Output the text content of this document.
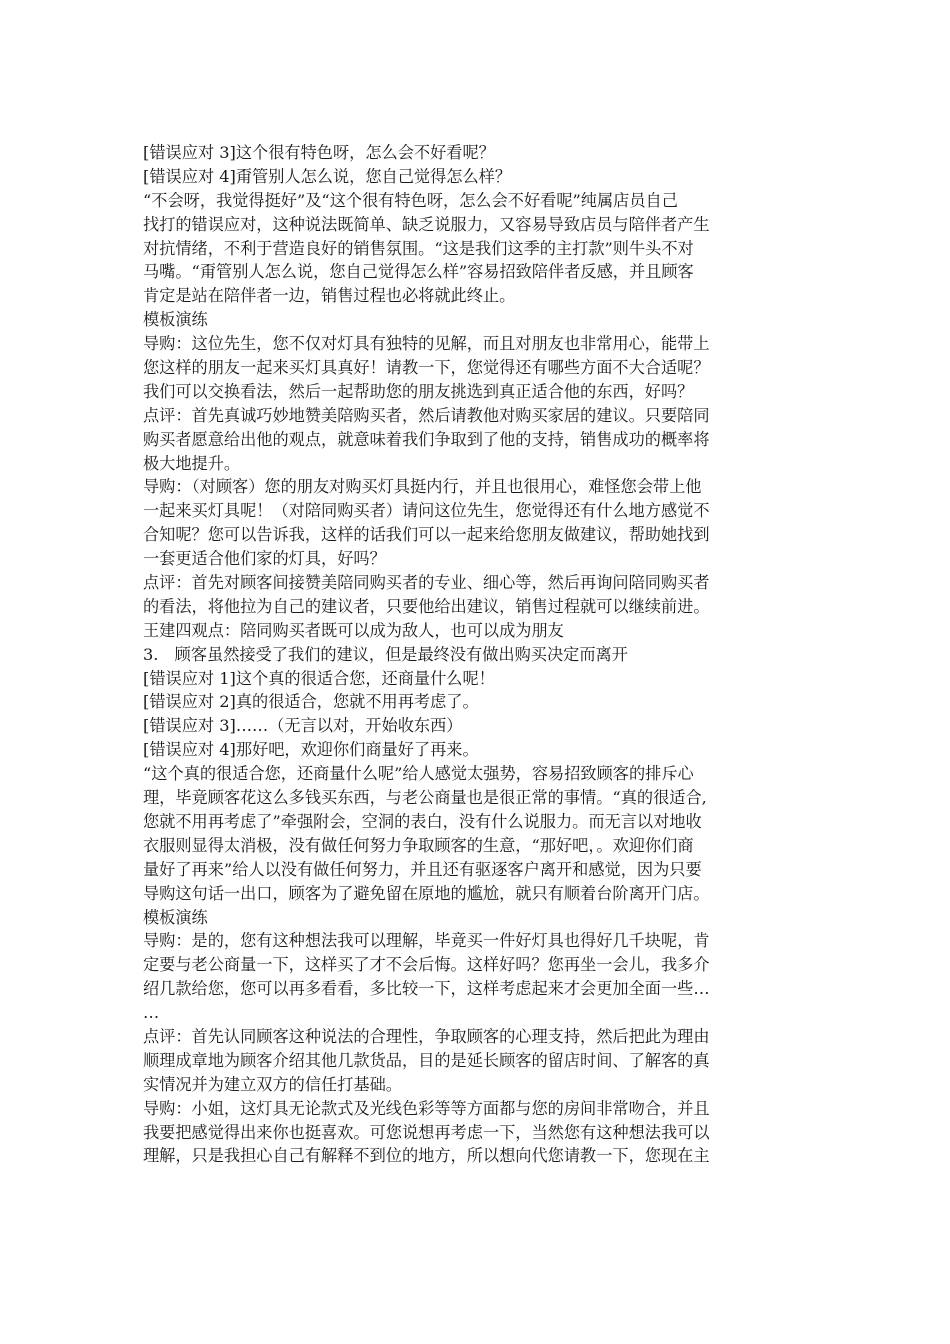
[错误应对 3]这个很有特色呀，怎么会不好看呢？
[错误应对 4]甭管别人怎么说，您自己觉得怎么样？
“不会呀，我觉得挺好”及“这个很有特色呀，怎么会不好看呢”纯属店员自己
找打的错误应对，这种说法既简单、缺乏说服力，又容易导致店员与陪伴者产生
对抗情绪，不利于营造良好的销售氛围。“这是我们这季的主打款”则牛头不对
马嘴。“甭管别人怎么说，您自己觉得怎么样”容易招致陪伴者反感，并且顾客
肯定是站在陪伴者一边，销售过程也必将就此终止。
模板演练
导购：这位先生，您不仅对灯具有独特的见解，而且对朋友也非常用心，能带上
您这样的朋友一起来买灯具真好！请教一下，您觉得还有哪些方面不大合适呢？
我们可以交换看法，然后一起帮助您的朋友挑选到真正适合他的东西，好吗？
点评：首先真诚巧妙地赞美陪购买者，然后请教他对购买家居的建议。只要陪同
购买者愿意给出他的观点，就意味着我们争取到了他的支持，销售成功的概率将
极大地提升。
导购：（对顾客）您的朋友对购买灯具挺内行，并且也很用心，难怪您会带上他
一起来买灯具呢！（对陪同购买者）请问这位先生，您觉得还有什么地方感觉不
合知呢？您可以告诉我，这样的话我们可以一起来给您朋友做建议，帮助她找到
一套更适合他们家的灯具，好吗？
点评：首先对顾客间接赞美陪同购买者的专业、细心等，然后再询问陪同购买者
的看法，将他拉为自己的建议者，只要他给出建议，销售过程就可以继续前进。
王建四观点：陪同购买者既可以成为敌人，也可以成为朋友
3.　顾客虽然接受了我们的建议，但是最终没有做出购买决定而离开
[错误应对 1]这个真的很适合您，还商量什么呢！
[错误应对 2]真的很适合，您就不用再考虑了。
[错误应对 3]……（无言以对，开始收东西）
[错误应对 4]那好吧，欢迎你们商量好了再来。
“这个真的很适合您，还商量什么呢”给人感觉太强势，容易招致顾客的排斥心
理，毕竟顾客花这么多钱买东西，与老公商量也是很正常的事情。“真的很适合,
您就不用再考虑了”牵强附会，空洞的表白，没有什么说服力。而无言以对地收
衣服则显得太消极，没有做任何努力争取顾客的生意，“那好吧，。欢迎你们商
量好了再来”给人以没有做任何努力，并且还有驱逐客户离开和感觉，因为只要
导购这句话一出口，顾客为了避免留在原地的尴尬，就只有顺着台阶离开门店。
模板演练
导购：是的，您有这种想法我可以理解，毕竟买一件好灯具也得好几千块呢，肯
定要与老公商量一下，这样买了才不会后悔。这样好吗？您再坐一会儿，我多介
绍几款给您，您可以再多看看，多比较一下，这样考虑起来才会更加全面一些…
…
点评：首先认同顾客这种说法的合理性，争取顾客的心理支持，然后把此为理由
顺理成章地为顾客介绍其他几款货品，目的是延长顾客的留店时间、了解客的真
实情况并为建立双方的信任打基础。
导购：小姐，这灯具无论款式及光线色彩等等方面都与您的房间非常吻合，并且
我要把感觉得出来你也挺喜欢。可您说想再考虑一下，当然您有这种想法我可以
理解，只是我担心自己有解释不到位的地方，所以想向代您请教一下，您现在主
